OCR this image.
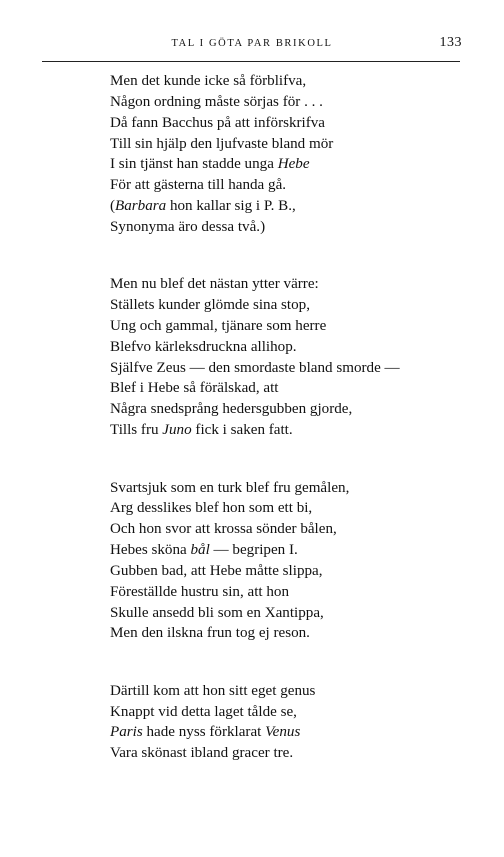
TAL I GÖTA PAR BRIKOLL	133
Men det kunde icke så förblifva,
Någon ordning måste sörjas för . . .
Då fann Bacchus på att införskrifva
Till sin hjälp den ljufvaste bland mör
I sin tjänst han stadde unga Hebe
För att gästerna till handa gå.
(Barbara hon kallar sig i P. B.,
Synonyma äro dessa två.)
Men nu blef det nästan ytter värre:
Ställets kunder glömde sina stop,
Ung och gammal, tjänare som herre
Blefvo kärleksdruckna allihop.
Själfve Zeus — den smordaste bland smorde —
Blef i Hebe så förälskad, att
Några snedsprång hedersgubben gjorde,
Tills fru Juno fick i saken fatt.
Svartsjuk som en turk blef fru gemålen,
Arg desslikes blef hon som ett bi,
Och hon svor att krossa sönder bålen,
Hebes sköna bål — begripen I.
Gubben bad, att Hebe måtte slippa,
Föreställde hustru sin, att hon
Skulle ansedd bli som en Xantippa,
Men den ilskna frun tog ej reson.
Därtill kom att hon sitt eget genus
Knappt vid detta laget tålde se,
Paris hade nyss förklarat Venus
Vara skönast ibland gracer tre.
